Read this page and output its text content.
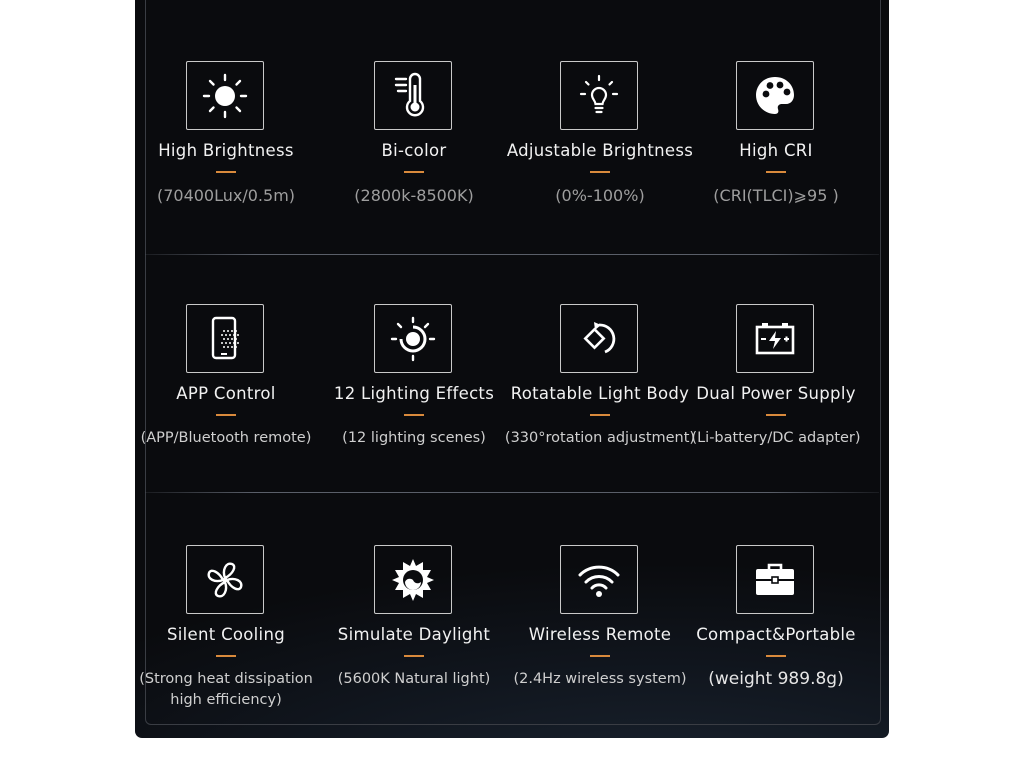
High Brightness
(70400Lux/0.5m)
Bi-color
(2800k-8500K)
Adjustable Brightness
(0%-100%)
High CRI
(CRI(TLCI)⩾95 )
APP Control
(APP/Bluetooth remote)
12 Lighting Effects
(12 lighting scenes)
Rotatable Light Body
(330°rotation adjustment)
Dual Power Supply
(Li-battery/DC adapter)
Silent Cooling
(Strong heat dissipation
high efficiency)
Simulate Daylight
(5600K Natural light)
Wireless Remote
(2.4Hz wireless system)
Compact&Portable
(weight 989.8g)
